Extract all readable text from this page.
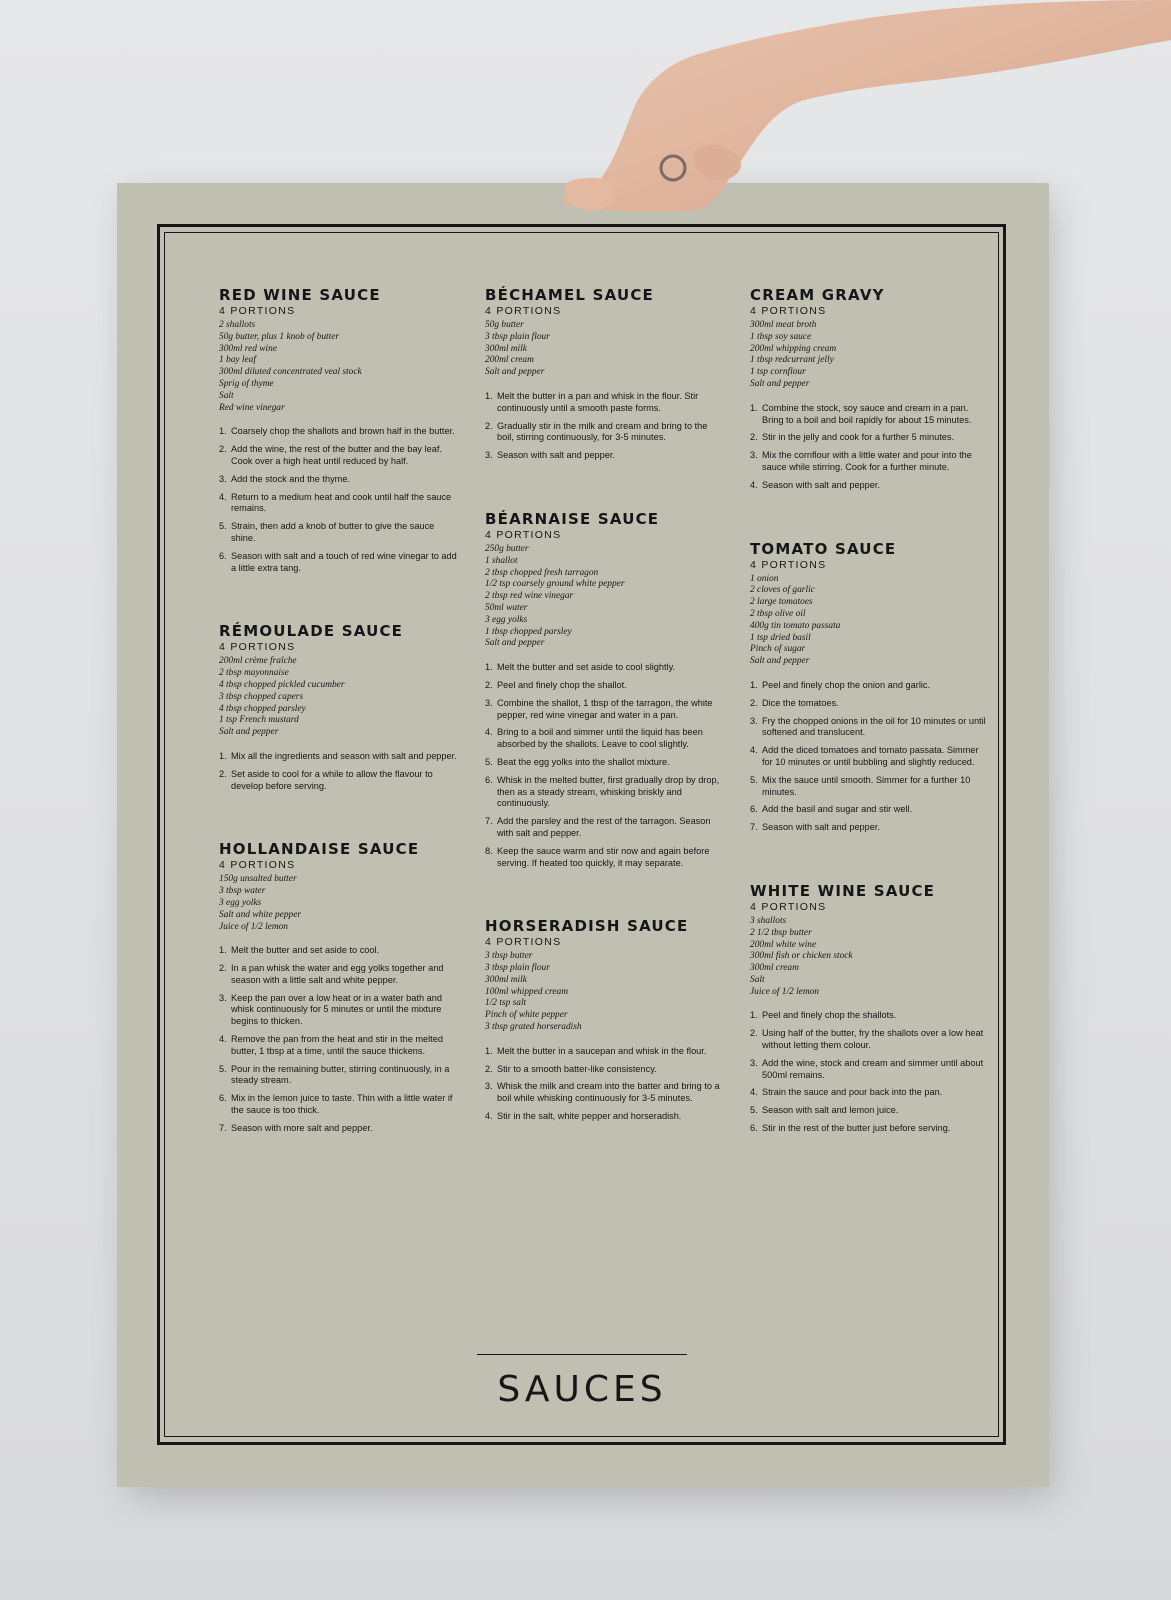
RED WINE SAUCE

4 PORTIONS

2 shallots
50g butter, plus 1 knob of butter
300ml red wine
1 bay leaf
300ml diluted concentrated veal stock
Sprig of thyme
Salt
Red wine vinegar
1. Coarsely chop the shallots and brown half in the butter.
2. Add the wine, the rest of the butter and the bay leaf. Cook over a high heat until reduced by half.
3. Add the stock and the thyme.
4. Return to a medium heat and cook until half the sauce remains.
5. Strain, then add a knob of butter to give the sauce shine.
6. Season with salt and a touch of red wine vinegar to add a little extra tang.
RÉMOULADE SAUCE

4 PORTIONS

200ml crème fraîche
2 tbsp mayonnaise
4 tbsp chopped pickled cucumber
3 tbsp chopped capers
4 tbsp chopped parsley
1 tsp French mustard
Salt and pepper
1. Mix all the ingredients and season with salt and pepper.
2. Set aside to cool for a while to allow the flavour to develop before serving.
HOLLANDAISE SAUCE

4 PORTIONS

150g unsalted butter
3 tbsp water
3 egg yolks
Salt and white pepper
Juice of 1/2 lemon
1. Melt the butter and set aside to cool.
2. In a pan whisk the water and egg yolks together and season with a little salt and white pepper.
3. Keep the pan over a low heat or in a water bath and whisk continuously for 5 minutes or until the mixture begins to thicken.
4. Remove the pan from the heat and stir in the melted butter, 1 tbsp at a time, until the sauce thickens.
5. Pour in the remaining butter, stirring continuously, in a steady stream.
6. Mix in the lemon juice to taste. Thin with a little water if the sauce is too thick.
7. Season with more salt and pepper.
BÉCHAMEL SAUCE

4 PORTIONS

50g butter
3 tbsp plain flour
300ml milk
200ml cream
Salt and pepper
1. Melt the butter in a pan and whisk in the flour. Stir continuously until a smooth paste forms.
2. Gradually stir in the milk and cream and bring to the boil, stirring continuously, for 3-5 minutes.
3. Season with salt and pepper.
BÉARNAISE SAUCE

4 PORTIONS

250g butter
1 shallot
2 tbsp chopped fresh tarragon
1/2 tsp coarsely ground white pepper
2 tbsp red wine vinegar
50ml water
3 egg yolks
1 tbsp chopped parsley
Salt and pepper
1. Melt the butter and set aside to cool slightly.
2. Peel and finely chop the shallot.
3. Combine the shallot, 1 tbsp of the tarragon, the white pepper, red wine vinegar and water in a pan.
4. Bring to a boil and simmer until the liquid has been absorbed by the shallots. Leave to cool slightly.
5. Beat the egg yolks into the shallot mixture.
6. Whisk in the melted butter, first gradually drop by drop, then as a steady stream, whisking briskly and continuously.
7. Add the parsley and the rest of the tarragon. Season with salt and pepper.
8. Keep the sauce warm and stir now and again before serving. If heated too quickly, it may separate.
HORSERADISH SAUCE

4 PORTIONS

3 tbsp butter
3 tbsp plain flour
300ml milk
100ml whipped cream
1/2 tsp salt
Pinch of white pepper
3 tbsp grated horseradish
1. Melt the butter in a saucepan and whisk in the flour.
2. Stir to a smooth batter-like consistency.
3. Whisk the milk and cream into the batter and bring to a boil while whisking continuously for 3-5 minutes.
4. Stir in the salt, white pepper and horseradish.
CREAM GRAVY

4 PORTIONS

300ml meat broth
1 tbsp soy sauce
200ml whipping cream
1 tbsp redcurrant jelly
1 tsp cornflour
Salt and pepper
1. Combine the stock, soy sauce and cream in a pan. Bring to a boil and boil rapidly for about 15 minutes.
2. Stir in the jelly and cook for a further 5 minutes.
3. Mix the cornflour with a little water and pour into the sauce while stirring. Cook for a further minute.
4. Season with salt and pepper.
TOMATO SAUCE

4 PORTIONS

1 onion
2 cloves of garlic
2 large tomatoes
2 tbsp olive oil
400g tin tomato passata
1 tsp dried basil
Pinch of sugar
Salt and pepper
1. Peel and finely chop the onion and garlic.
2. Dice the tomatoes.
3. Fry the chopped onions in the oil for 10 minutes or until softened and translucent.
4. Add the diced tomatoes and tomato passata. Simmer for 10 minutes or until bubbling and slightly reduced.
5. Mix the sauce until smooth. Simmer for a further 10 minutes.
6. Add the basil and sugar and stir well.
7. Season with salt and pepper.
WHITE WINE SAUCE

4 PORTIONS

3 shallots
2 1/2 tbsp butter
200ml white wine
300ml fish or chicken stock
300ml cream
Salt
Juice of 1/2 lemon
1. Peel and finely chop the shallots.
2. Using half of the butter, fry the shallots over a low heat without letting them colour.
3. Add the wine, stock and cream and simmer until about 500ml remains.
4. Strain the sauce and pour back into the pan.
5. Season with salt and lemon juice.
6. Stir in the rest of the butter just before serving.
SAUCES
